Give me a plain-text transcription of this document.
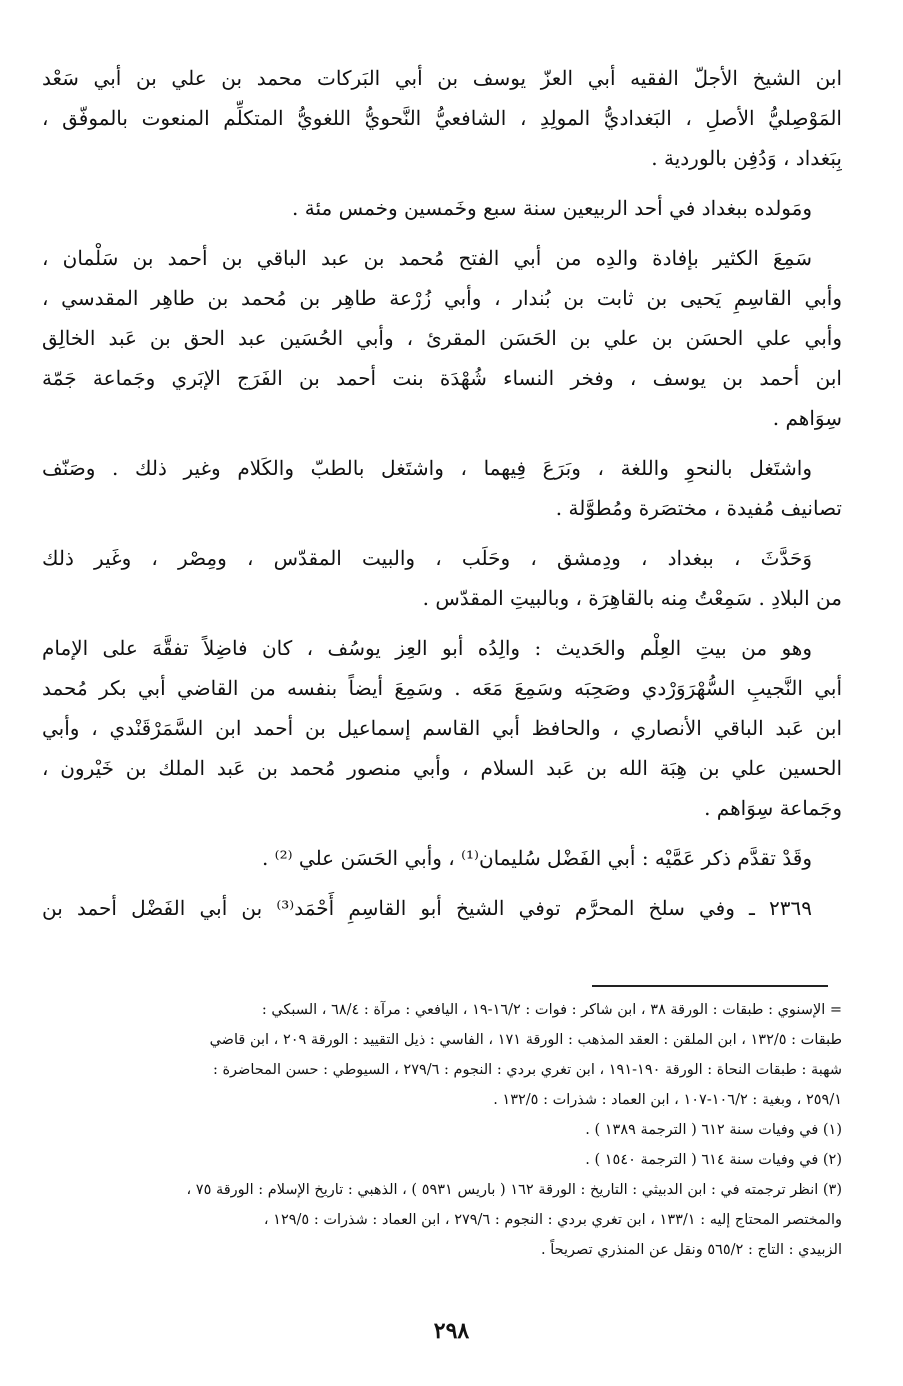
ابن الشيخ الأجلّ الفقيه أبي العزّ يوسف بن أبي البَركات محمد بن علي بن أبي سَعْد
المَوْصِليُّ الأصلِ ، البَغداديُّ المولِدِ ، الشافعيُّ النَّحويُّ اللغويُّ المتكلِّم المنعوت بالموفّق ،
بِبَغداد ، وَدُفِن بالوردية .
ومَولده ببغداد في أحد الربيعين سنة سبع وخَمسين وخمس مئة .
سَمِعَ الكثير بإفادة والدِه من أبي الفتح مُحمد بن عبد الباقي بن أحمد بن سَلْمان ،
وأبي القاسِمِ يَحيى بن ثابت بن بُندار ، وأبي زُرْعة طاهِر بن مُحمد بن طاهِر المقدسي ،
وأبي علي الحسَن بن علي بن الحَسَن المقرئ ، وأبي الحُسَين عبد الحق بن عَبد الخالِق
ابن أحمد بن يوسف ، وفخر النساء شُهْدَة بنت أحمد بن الفَرَج الإبَري وجَماعة جَمّة
سِوَاهم .
واشتَغل بالنحوِ واللغة ، وبَرَعَ فِيهما ، واشتَغل بالطبّ والكَلام وغير ذلك . وصَنّف
تصانيف مُفيدة ، مختصَرة ومُطوَّلة .
وَحَدَّثَ ، ببغداد ، ودِمشق ، وحَلَب ، والبيت المقدّس ، ومِصْر ، وغَير ذلك
من البلادِ . سَمِعْتُ مِنه بالقاهِرَة ، وبالبيتِ المقدّس .
وهو من بيتِ العِلْم والحَديث : والِدُه أبو العِز يوسُف ، كان فاضِلاً تفقَّهَ على الإمام
أبي النَّجيبِ السُّهْرَوَرْدي وصَحِبَه وسَمِعَ مَعَه . وسَمِعَ أيضاً بنفسه من القاضي أبي بكر مُحمد
ابن عَبد الباقي الأنصاري ، والحافظ أبي القاسم إسماعيل بن أحمد ابن السَّمَرْقَنْدي ، وأبي
الحسين علي بن هِبَة الله بن عَبد السلام ، وأبي منصور مُحمد بن عَبد الملك بن خَيْرون ،
وجَماعة سِوَاهم .
وقَدْ تقدَّم ذكر عَمَّيْه : أبي الفَضْل سُليمان⁽¹⁾ ، وأبي الحَسَن علي ⁽²⁾ .
٢٣٦٩ ـ وفي سلخ المحرَّم توفي الشيخ أبو القاسِمِ أَحْمَد⁽³⁾ بن أبي الفَضْل أحمد بن
= الإسنوي : طبقات : الورقة ٣٨ ، ابن شاكر : فوات : ١٦/٢-١٩ ، اليافعي : مرآة : ٦٨/٤ ، السبكي :
طبقات : ١٣٢/٥ ، ابن الملقن : العقد المذهب : الورقة ١٧١ ، الفاسي : ذيل التقييد : الورقة ٢٠٩ ، ابن قاضي
شهبة : طبقات النحاة : الورقة ١٩٠-١٩١ ، ابن تغري بردي : النجوم : ٢٧٩/٦ ، السيوطي : حسن المحاضرة :
٢٥٩/١ ، وبغية : ١٠٦/٢-١٠٧ ، ابن العماد : شذرات : ١٣٢/٥ .
(١) في وفيات سنة ٦١٢ ( الترجمة ١٣٨٩ ) .
(٢) في وفيات سنة ٦١٤ ( الترجمة ١٥٤٠ ) .
(٣) انظر ترجمته في : ابن الدبيثي : التاريخ : الورقة ١٦٢ ( باريس ٥٩٣١ ) ، الذهبي : تاريخ الإسلام : الورقة ٧٥ ،
والمختصر المحتاج إليه : ١٣٣/١ ، ابن تغري بردي : النجوم : ٢٧٩/٦ ، ابن العماد : شذرات : ١٢٩/٥ ،
الزبيدي : التاج : ٥٦٥/٢ ونقل عن المنذري تصريحاً .
٢٩٨
